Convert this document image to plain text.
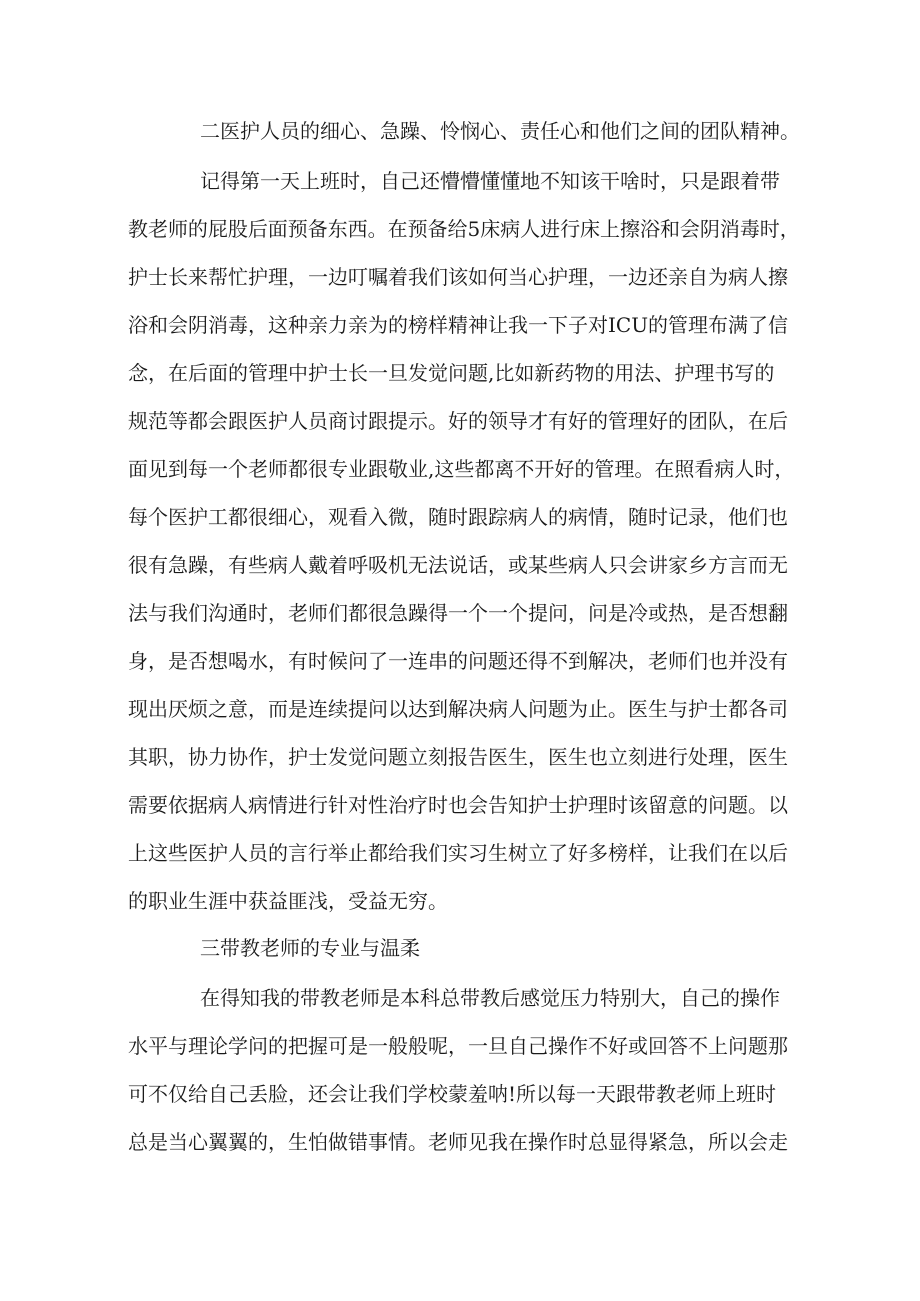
二医护人员的细心、急躁、怜悯心、责任心和他们之间的团队精神。
记得第一天上班时，自己还懵懵懂懂地不知该干啥时，只是跟着带
教老师的屁股后面预备东西。在预备给5床病人进行床上擦浴和会阴消毒时，
护士长来帮忙护理，一边叮嘱着我们该如何当心护理，一边还亲自为病人擦
浴和会阴消毒，这种亲力亲为的榜样精神让我一下子对ICU的管理布满了信
念，在后面的管理中护士长一旦发觉问题,比如新药物的用法、护理书写的
规范等都会跟医护人员商讨跟提示。好的领导才有好的管理好的团队，在后
面见到每一个老师都很专业跟敬业,这些都离不开好的管理。在照看病人时，
每个医护工都很细心，观看入微，随时跟踪病人的病情，随时记录，他们也
很有急躁，有些病人戴着呼吸机无法说话，或某些病人只会讲家乡方言而无
法与我们沟通时，老师们都很急躁得一个一个提问，问是冷或热，是否想翻
身，是否想喝水，有时候问了一连串的问题还得不到解决，老师们也并没有
现出厌烦之意，而是连续提问以达到解决病人问题为止。医生与护士都各司
其职，协力协作，护士发觉问题立刻报告医生，医生也立刻进行处理，医生
需要依据病人病情进行针对性治疗时也会告知护士护理时该留意的问题。以
上这些医护人员的言行举止都给我们实习生树立了好多榜样，让我们在以后
的职业生涯中获益匪浅，受益无穷。
三带教老师的专业与温柔
在得知我的带教老师是本科总带教后感觉压力特别大，自己的操作
水平与理论学问的把握可是一般般呢，一旦自己操作不好或回答不上问题那
可不仅给自己丢脸，还会让我们学校蒙羞呐!所以每一天跟带教老师上班时
总是当心翼翼的，生怕做错事情。老师见我在操作时总显得紧急，所以会走
